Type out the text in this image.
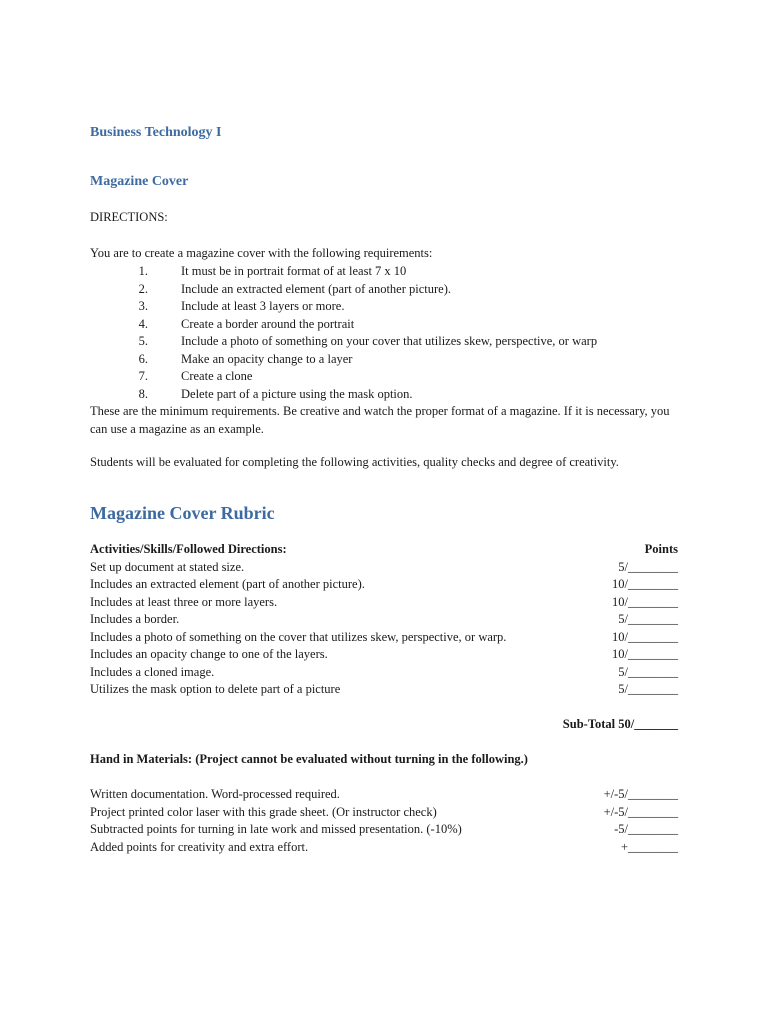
Business Technology I
Magazine Cover

DIRECTIONS:

You are to create a magazine cover with the following requirements:

1.	It must be in portrait format of at least 7 x 10
2.	Include an extracted element (part of another picture).
3.	Include at least 3 layers or more.
4.	Create a border around the portrait
5.	Include a photo of something on your cover that utilizes skew, perspective, or warp
6.	Make an opacity change to a layer
7.	Create a clone
8.	Delete part of a picture using the mask option.

These are the minimum requirements. Be creative and watch the proper format of a magazine. If it is necessary, you can use a magazine as an example.

Students will be evaluated for completing the following activities, quality checks and degree of creativity.

Magazine Cover Rubric
Activities/Skills/Followed Directions:	Points
Set up document at stated size.	5/________
Includes an extracted element (part of another picture).	10/________
Includes at least three or more layers.	10/________
Includes a border.	5/________
Includes a photo of something on the cover that utilizes skew, perspective, or warp.	10/________
Includes an opacity change to one of the layers.	10/________
Includes a cloned image.	5/________
Utilizes the mask option to delete part of a picture	5/________
Sub-Total 50/_______
Hand in Materials: (Project cannot be evaluated without turning in the following.)
Written documentation. Word-processed required.	+/-5/________
Project printed color laser with this grade sheet. (Or instructor check)	+/-5/________
Subtracted points for turning in late work and missed presentation. (-10%)	-5/________
Added points for creativity and extra effort.	+________
